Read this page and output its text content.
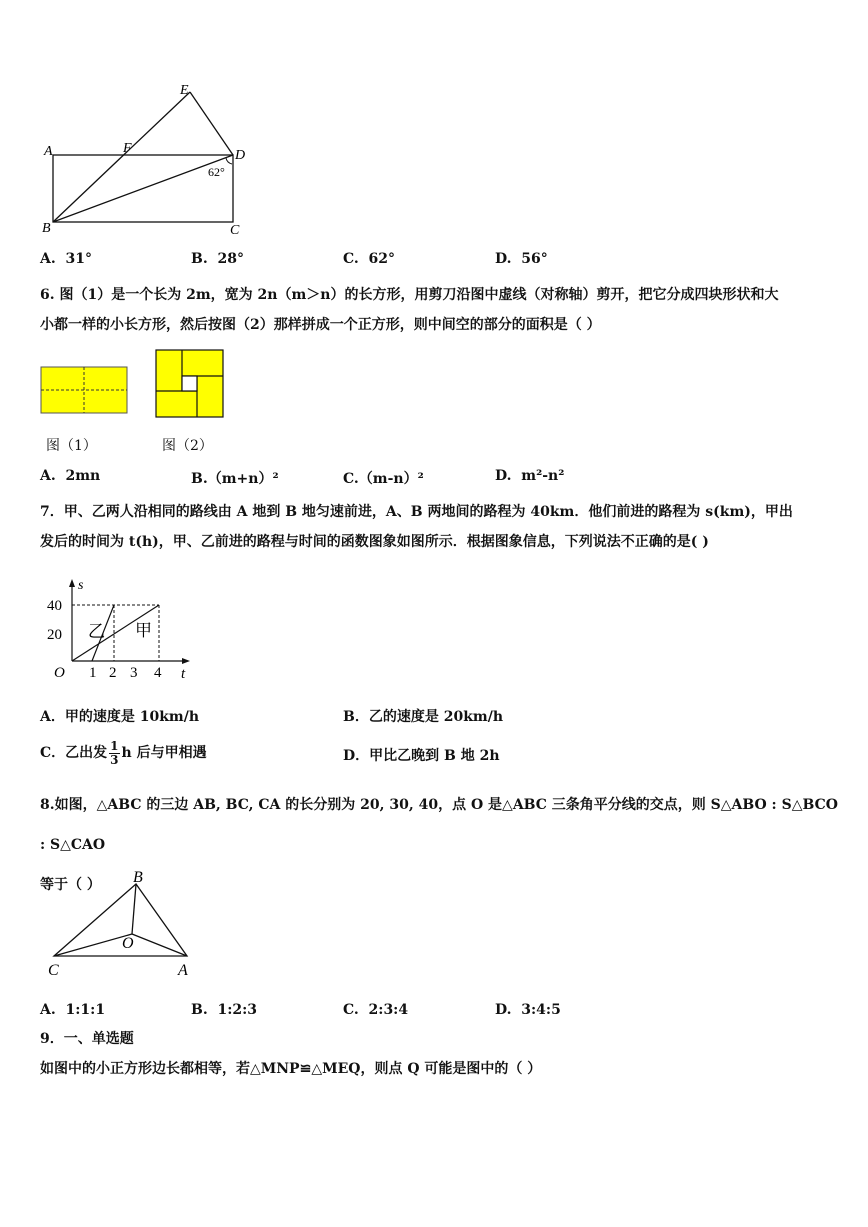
E
A	F	D
B	C
62°
A. 31°	B. 28°	C. 62°	D. 56°
6. 图（1）是一个长为 2m，宽为 2n（m＞n）的长方形，用剪刀沿图中虚线（对称轴）剪开，把它分成四块形状和大
小都一样的小长方形，然后按图（2）那样拼成一个正方形，则中间空的部分的面积是（ ）
图（1）	图（2）
A. 2mn	B.（m+n）²	C.（m-n）²	D. m²-n²
7．甲、乙两人沿相同的路线由 A 地到 B 地匀速前进，A、B 两地间的路程为 40km．他们前进的路程为 s(km)，甲出
发后的时间为 t(h)，甲、乙前进的路程与时间的函数图象如图所示．根据图象信息，下列说法不正确的是( )
s
40
20
O 1 2 3 4 t
乙 甲
A．甲的速度是 10km/h	B．乙的速度是 20km/h
C．乙出发 $\frac{1}{3}$ h 后与甲相遇	D．甲比乙晚到 B 地 2h
8.如图，△ABC 的三边 AB, BC, CA 的长分别为 20, 30, 40，点 O 是△ABC 三条角平分线的交点，则 S△ABO : S△BCO : S△CAO
等于（ ）	B
O
C	A
A. 1:1:1	B. 1:2:3	C. 2:3:4	D. 3:4:5
9．一、单选题
如图中的小正方形边长都相等，若△MNP≌△MEQ，则点 Q 可能是图中的（ ）
